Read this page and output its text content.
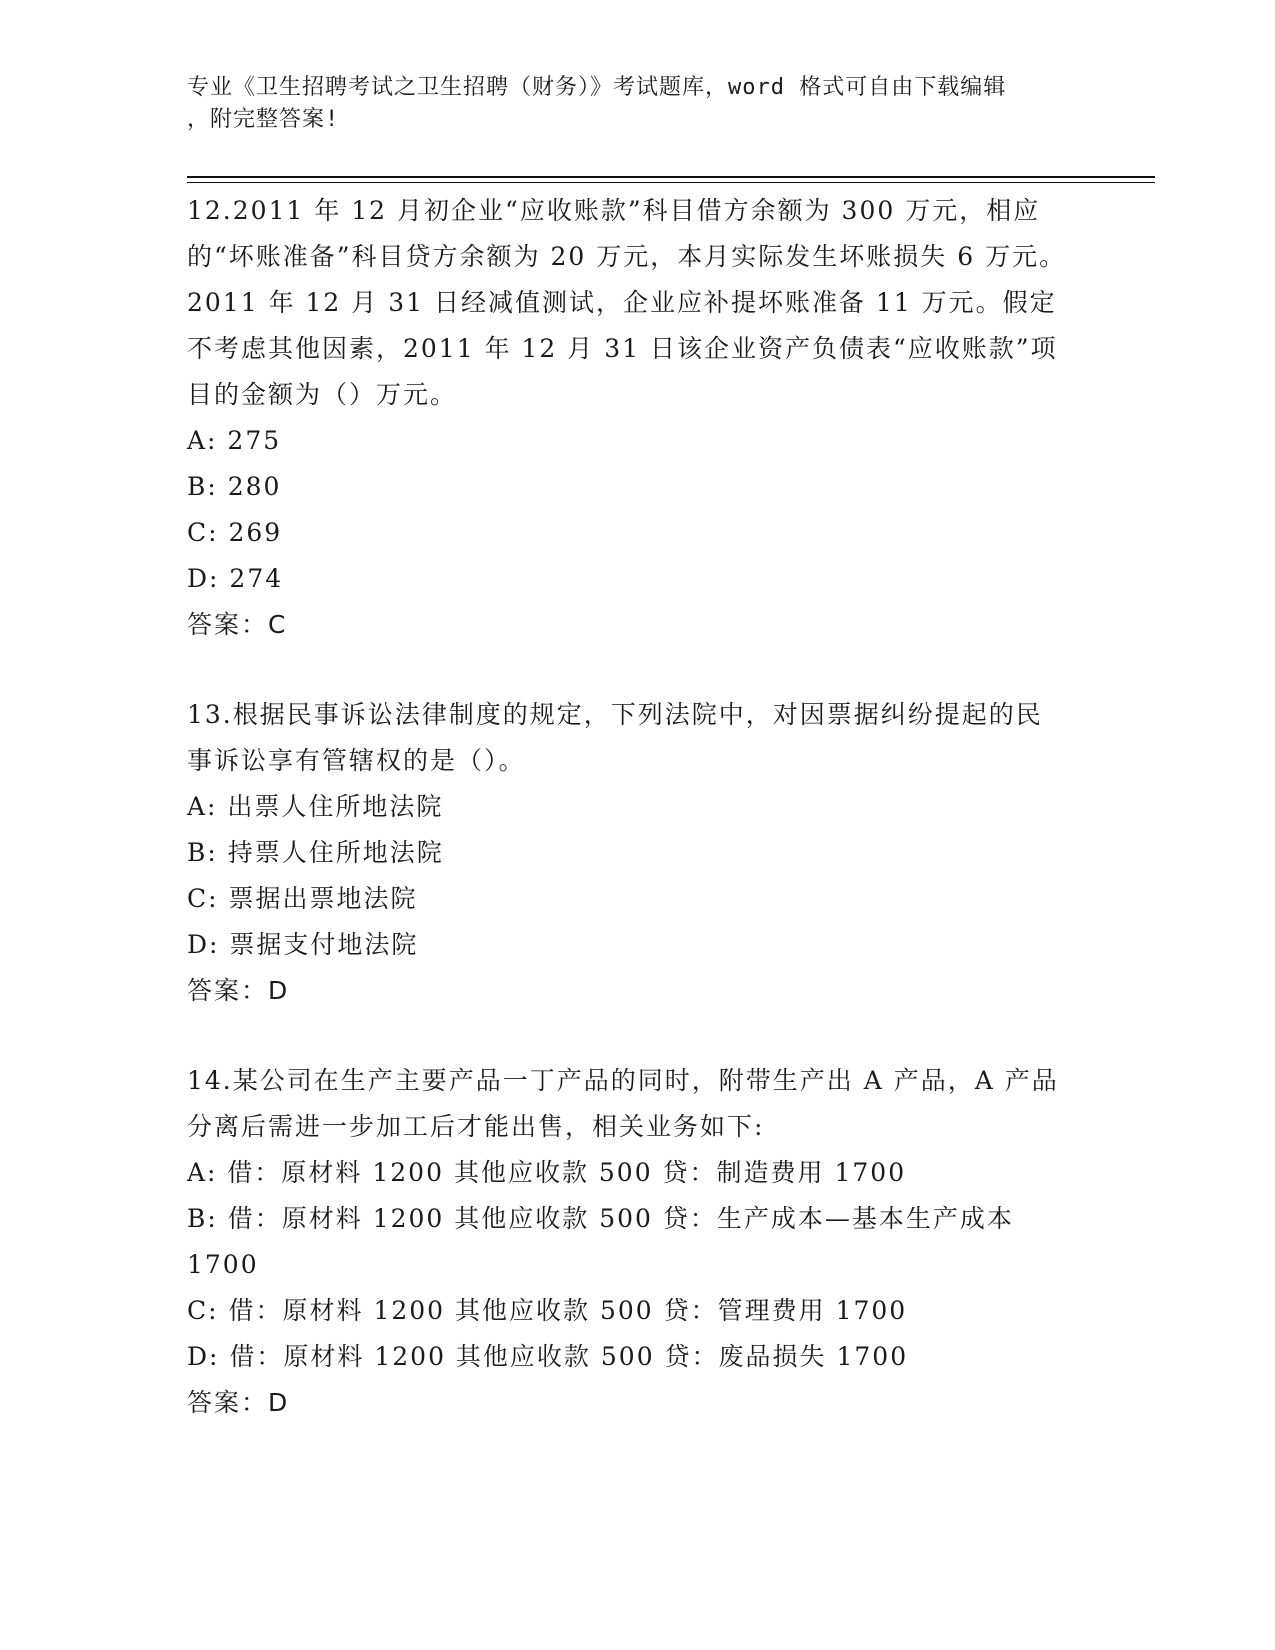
专业《卫生招聘考试之卫生招聘（财务）》考试题库，word 格式可自由下载编辑
，附完整答案!
12.2011 年 12 月初企业“应收账款”科目借方余额为 300 万元，相应的“坏账准备”科目贷方余额为 20 万元，本月实际发生坏账损失 6 万元。2011 年 12 月 31 日经减值测试，企业应补提坏账准备 11 万元。假定不考虑其他因素，2011 年 12 月 31 日该企业资产负债表“应收账款”项目的金额为（）万元。
A: 275
B: 280
C: 269
D: 274
答案：C
13.根据民事诉讼法律制度的规定，下列法院中，对因票据纠纷提起的民事诉讼享有管辖权的是（）。
A: 出票人住所地法院
B: 持票人住所地法院
C: 票据出票地法院
D: 票据支付地法院
答案：D
14.某公司在生产主要产品一丁产品的同时，附带生产出 A 产品，A 产品分离后需进一步加工后才能出售，相关业务如下:
A: 借：原材料 1200 其他应收款 500 贷：制造费用 1700
B: 借：原材料 1200 其他应收款 500 贷：生产成本—基本生产成本 1700
C: 借：原材料 1200 其他应收款 500 贷：管理费用 1700
D: 借：原材料 1200 其他应收款 500 贷：废品损失 1700
答案：D
